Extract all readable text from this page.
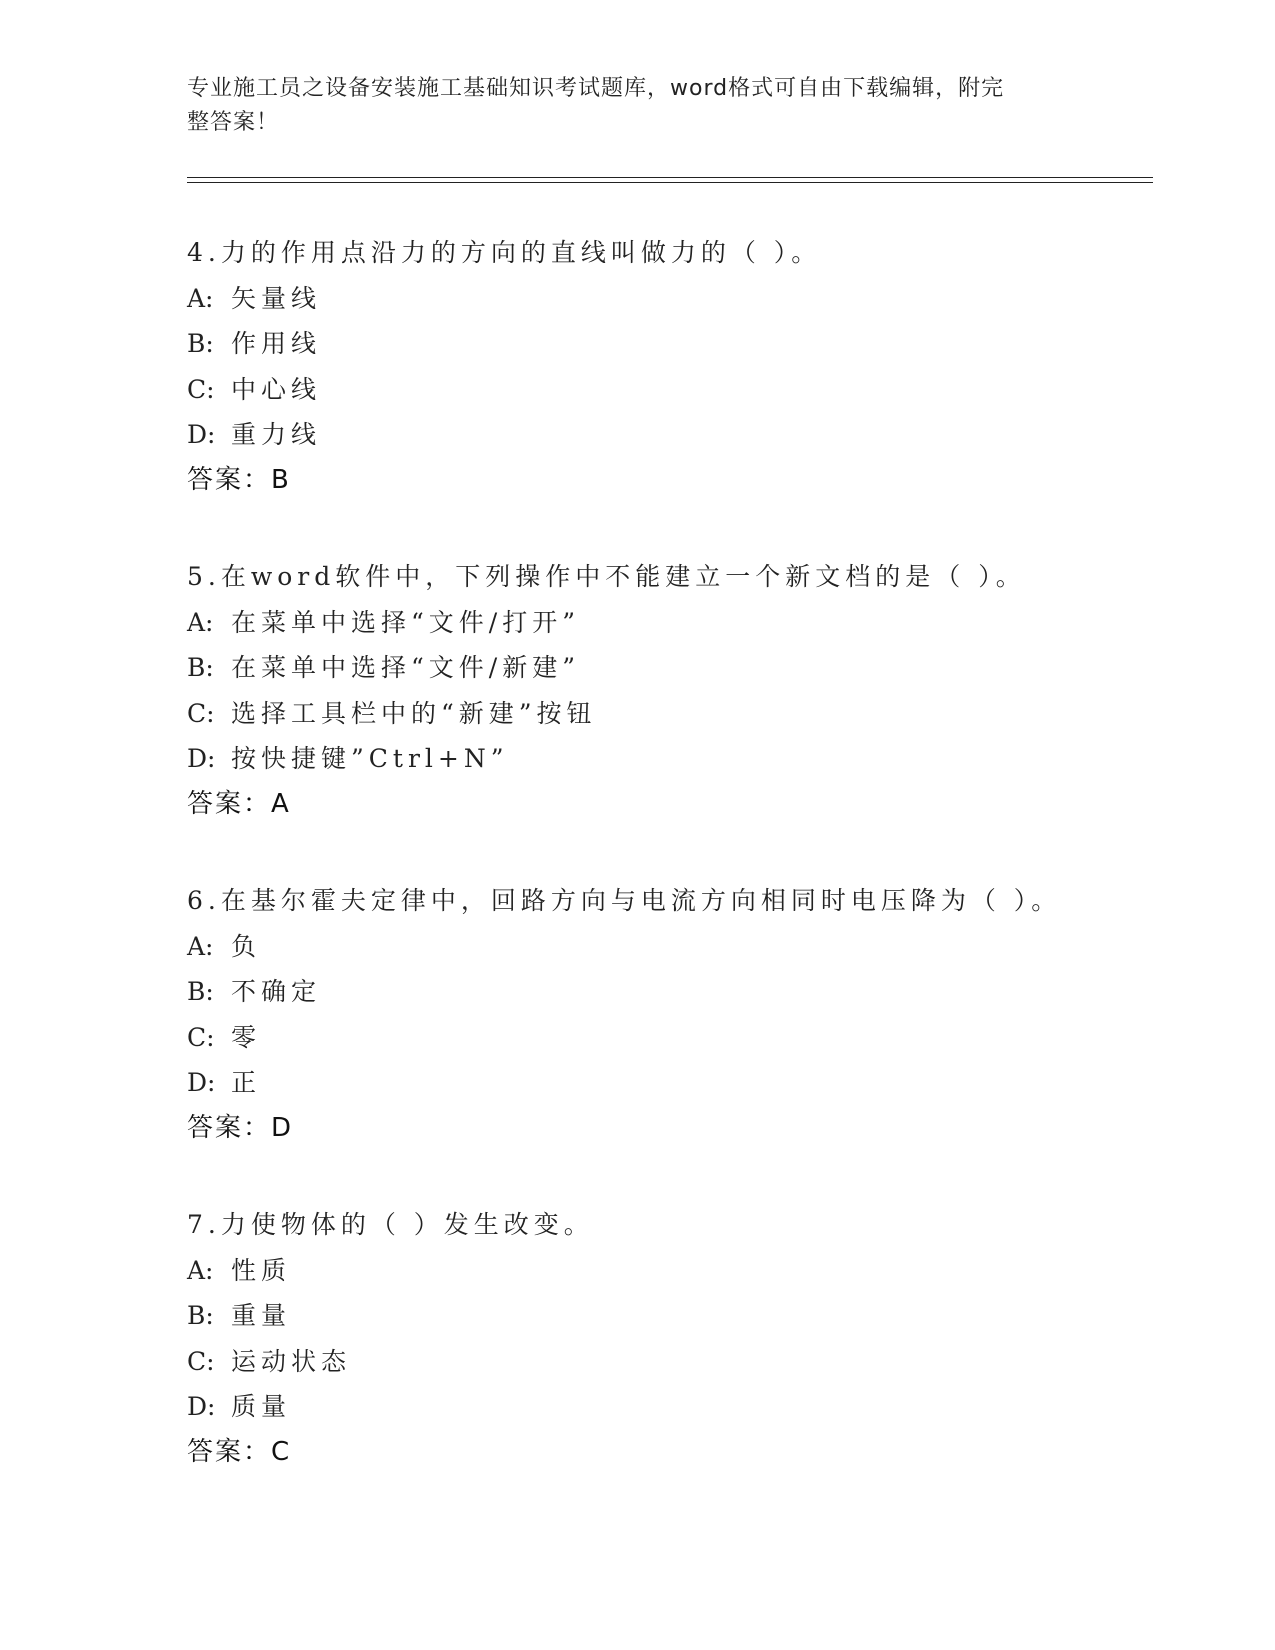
专业施工员之设备安装施工基础知识考试题库，word格式可自由下载编辑，附完
整答案！
4.力的作用点沿力的方向的直线叫做力的（ ）。
A: 矢量线
B: 作用线
C: 中心线
D: 重力线
答案：B
5.在word软件中，下列操作中不能建立一个新文档的是（ ）。
A: 在菜单中选择“文件/打开”
B: 在菜单中选择“文件/新建”
C: 选择工具栏中的“新建”按钮
D: 按快捷键”Ctrl+N”
答案：A
6.在基尔霍夫定律中，回路方向与电流方向相同时电压降为（ ）。
A: 负
B: 不确定
C: 零
D: 正
答案：D
7.力使物体的（ ）发生改变。
A: 性质
B: 重量
C: 运动状态
D: 质量
答案：C
